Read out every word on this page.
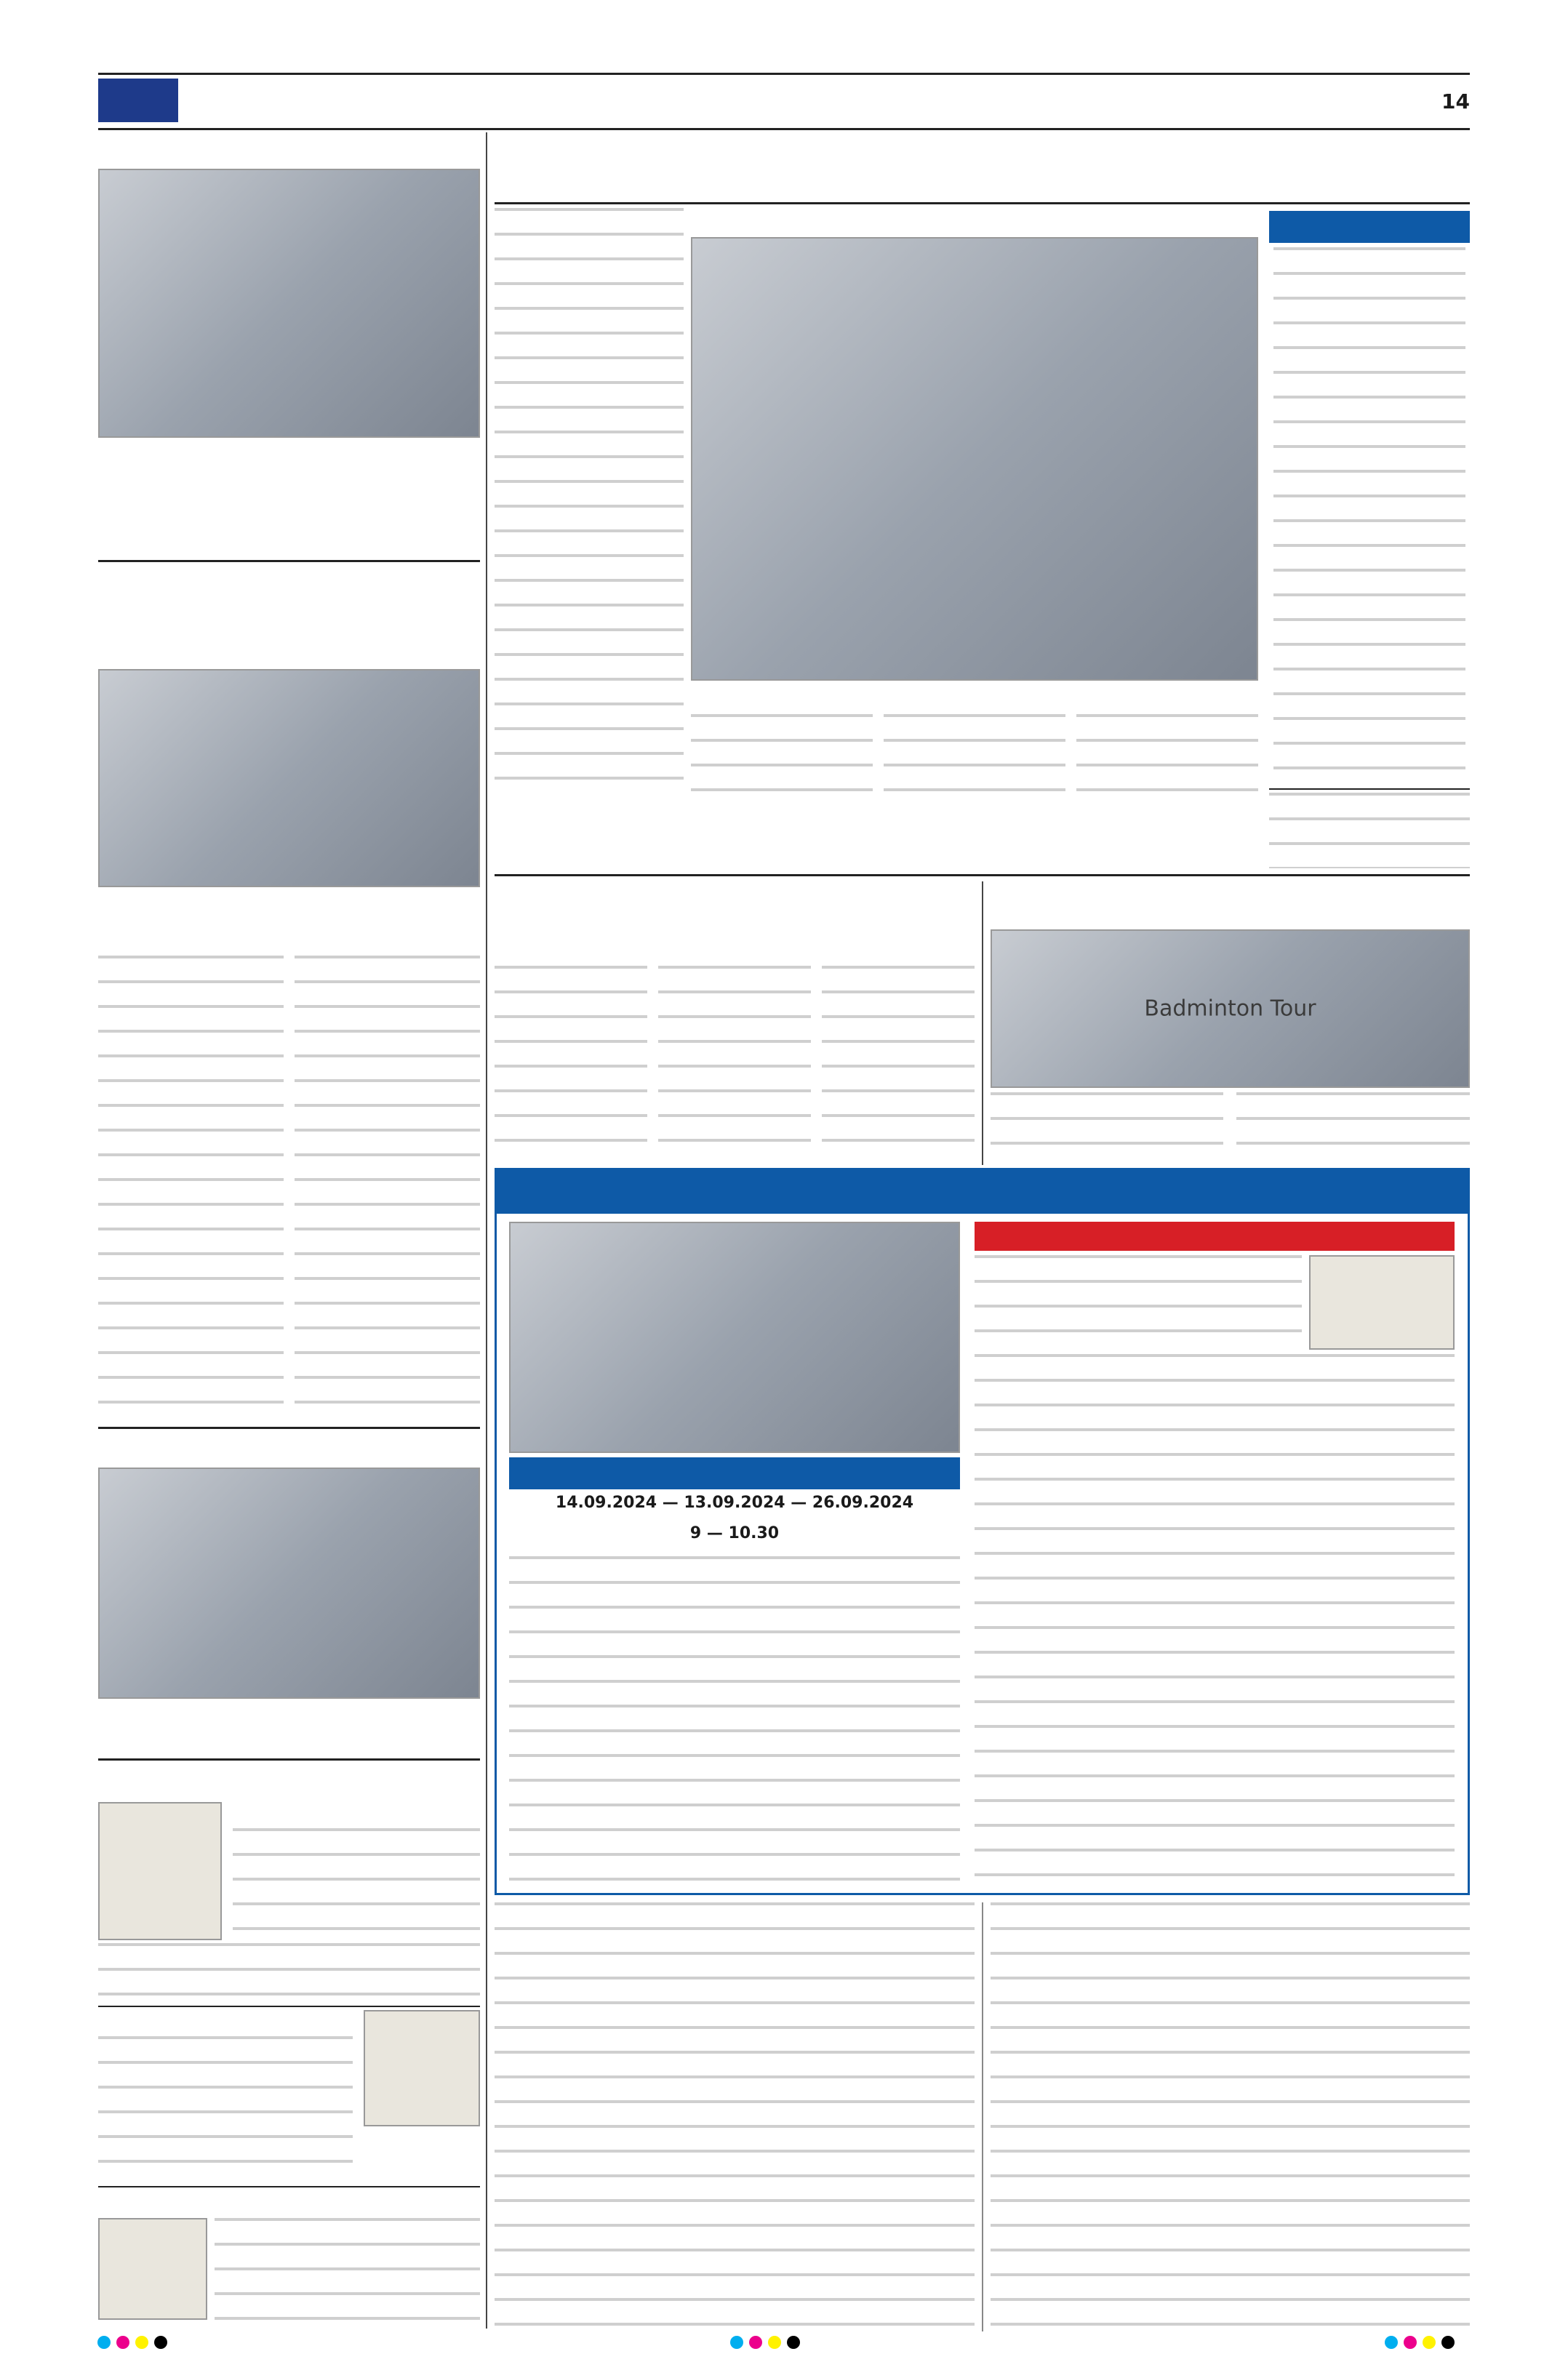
14
Badminton Tour
14.09.2024 — 13.09.2024 — 26.09.2024
9 — 10.30
